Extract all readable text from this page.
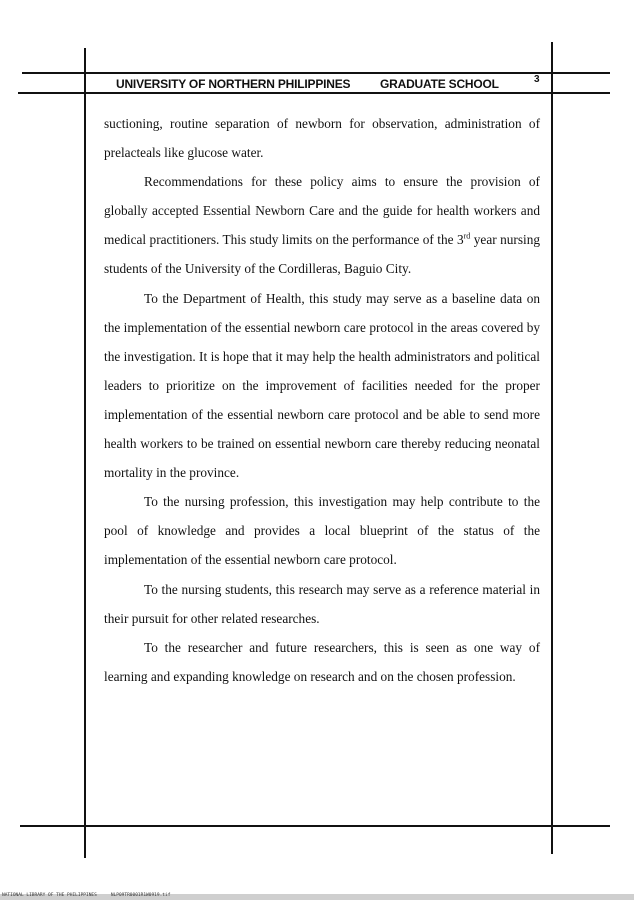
UNIVERSITY OF NORTHERN PHILIPPINES GRADUATE SCHOOL	3

suctioning, routine separation of newborn for observation, administration of prelacteals like glucose water.

Recommendations for these policy aims to ensure the provision of globally accepted Essential Newborn Care and the guide for health workers and medical practitioners. This study limits on the performance of the 3rd year nursing students of the University of the Cordilleras, Baguio City.

To the Department of Health, this study may serve as a baseline data on the implementation of the essential newborn care protocol in the areas covered by the investigation. It is hope that it may help the health administrators and political leaders to prioritize on the improvement of facilities needed for the proper implementation of the essential newborn care protocol and be able to send more health workers to be trained on essential newborn care thereby reducing neonatal mortality in the province.

To the nursing profession, this investigation may help contribute to the pool of knowledge and provides a local blueprint of the status of the implementation of the essential newborn care protocol.

To the nursing students, this research may serve as a reference material in their pursuit for other related researches.

To the researcher and future researchers, this is seen as one way of learning and expanding knowledge on research and on the chosen profession.

NATIONAL LIBRARY OF THE PHILIPPINES	NLP09TR0001R1W0919.tif
